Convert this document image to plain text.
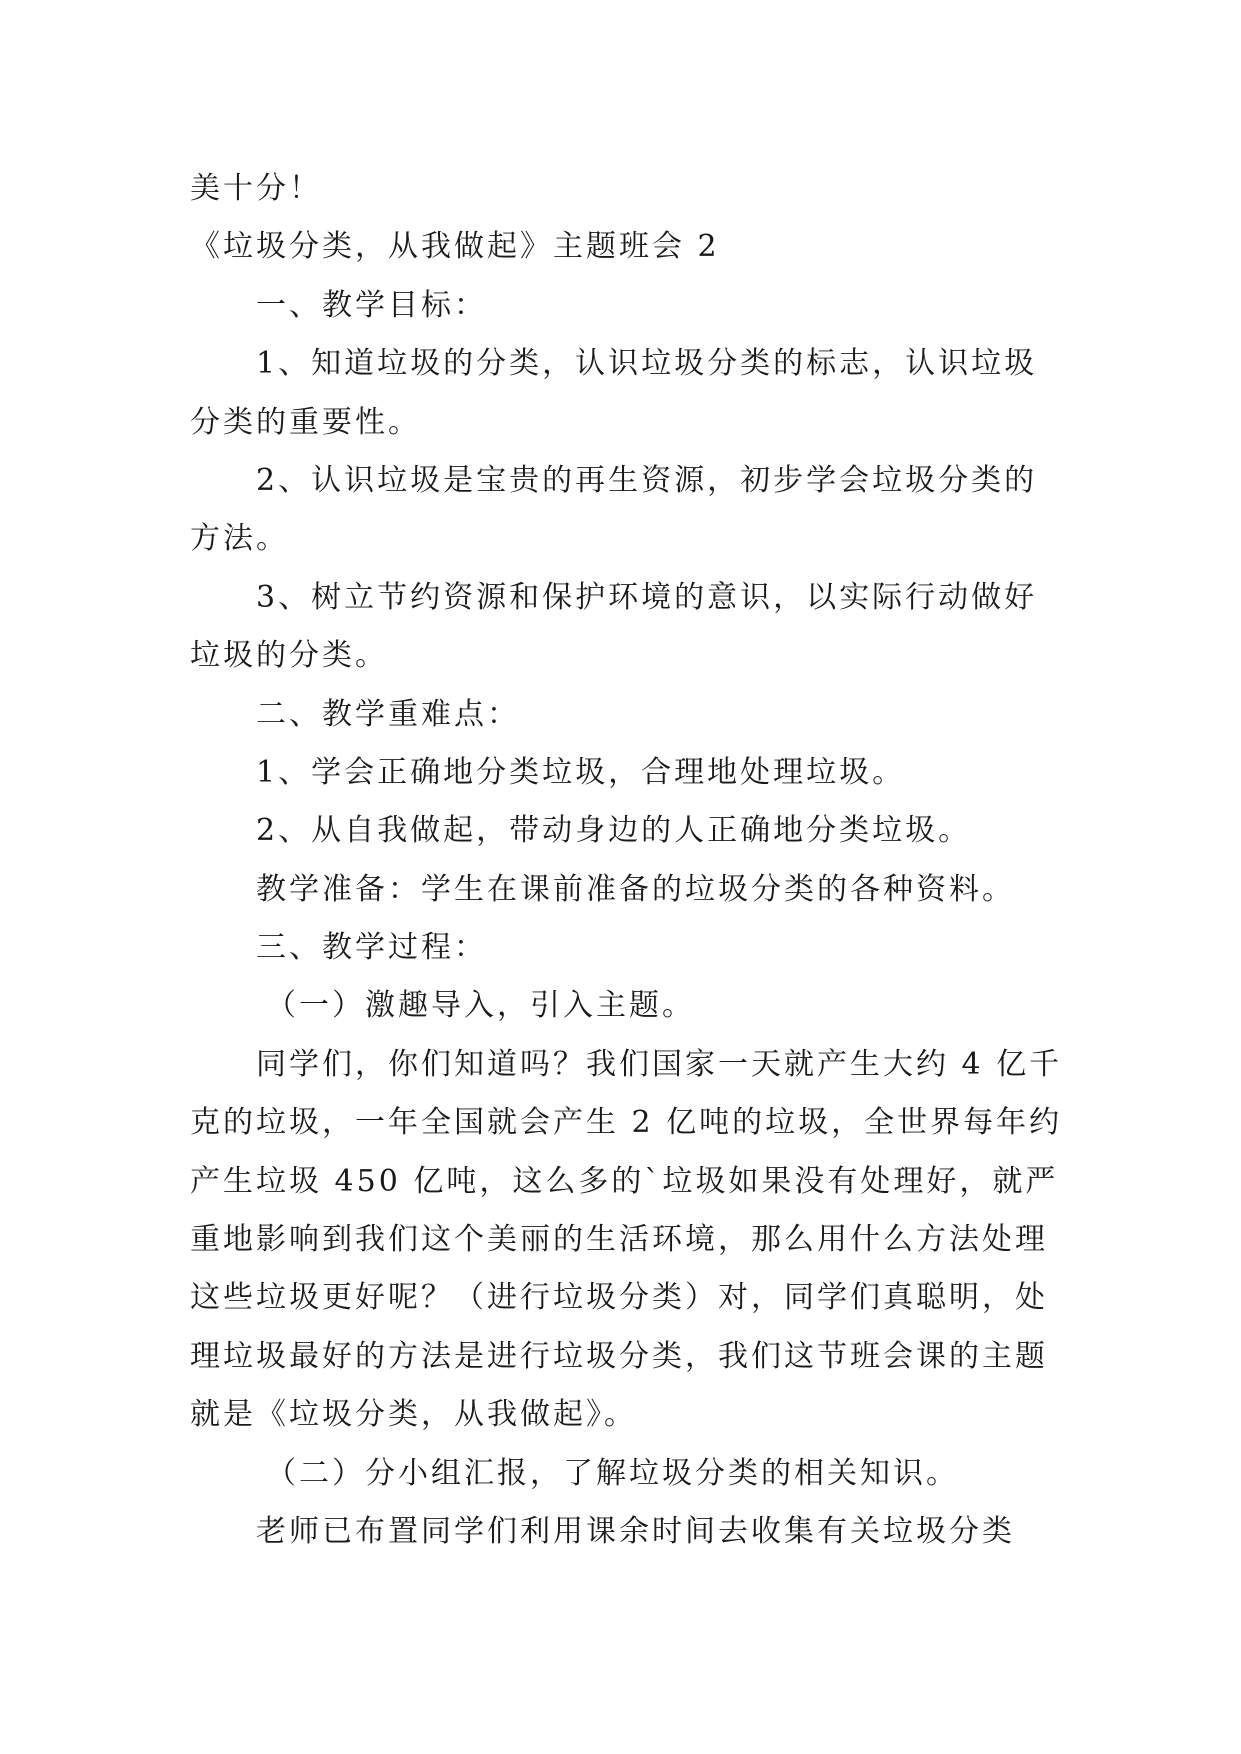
美十分！

《垃圾分类，从我做起》主题班会 2

一、教学目标：

1、知道垃圾的分类，认识垃圾分类的标志，认识垃圾

分类的重要性。

2、认识垃圾是宝贵的再生资源，初步学会垃圾分类的

方法。

3、树立节约资源和保护环境的意识，以实际行动做好

垃圾的分类。

二、教学重难点：

1、学会正确地分类垃圾，合理地处理垃圾。

2、从自我做起，带动身边的人正确地分类垃圾。

教学准备：学生在课前准备的垃圾分类的各种资料。

三、教学过程：

（一）激趣导入，引入主题。

同学们，你们知道吗？我们国家一天就产生大约 4 亿千

克的垃圾，一年全国就会产生 2 亿吨的垃圾，全世界每年约

产生垃圾 450 亿吨，这么多的`垃圾如果没有处理好，就严

重地影响到我们这个美丽的生活环境，那么用什么方法处理

这些垃圾更好呢？（进行垃圾分类）对，同学们真聪明，处

理垃圾最好的方法是进行垃圾分类，我们这节班会课的主题

就是《垃圾分类，从我做起》。

（二）分小组汇报，了解垃圾分类的相关知识。

老师已布置同学们利用课余时间去收集有关垃圾分类
